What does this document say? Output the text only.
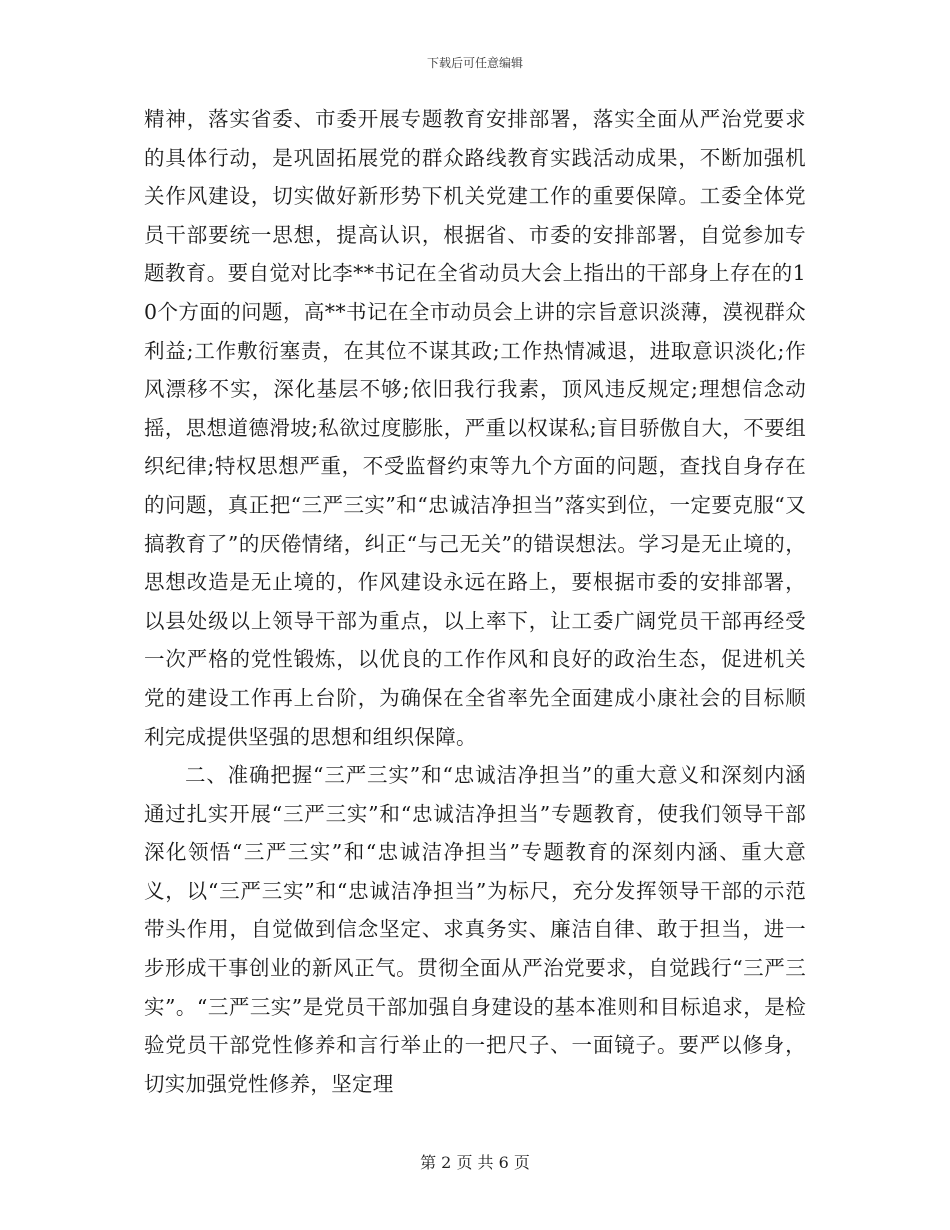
下载后可任意编辑

精神，落实省委、市委开展专题教育安排部署，落实全面从严治党要求的具体行动，是巩固拓展党的群众路线教育实践活动成果，不断加强机关作风建设，切实做好新形势下机关党建工作的重要保障。工委全体党员干部要统一思想，提高认识，根据省、市委的安排部署，自觉参加专题教育。要自觉对比李**书记在全省动员大会上指出的干部身上存在的10个方面的问题，高**书记在全市动员会上讲的宗旨意识淡薄，漠视群众利益;工作敷衍塞责，在其位不谋其政;工作热情减退，进取意识淡化;作风漂移不实，深化基层不够;依旧我行我素，顶风违反规定;理想信念动摇，思想道德滑坡;私欲过度膨胀，严重以权谋私;盲目骄傲自大，不要组织纪律;特权思想严重，不受监督约束等九个方面的问题，查找自身存在的问题，真正把“三严三实”和“忠诚洁净担当”落实到位，一定要克服“又搞教育了”的厌倦情绪，纠正“与己无关”的错误想法。学习是无止境的，思想改造是无止境的，作风建设永远在路上，要根据市委的安排部署，以县处级以上领导干部为重点，以上率下，让工委广阔党员干部再经受一次严格的党性锻炼，以优良的工作作风和良好的政治生态，促进机关党的建设工作再上台阶，为确保在全省率先全面建成小康社会的目标顺利完成提供坚强的思想和组织保障。

二、准确把握“三严三实”和“忠诚洁净担当”的重大意义和深刻内涵通过扎实开展“三严三实”和“忠诚洁净担当”专题教育，使我们领导干部深化领悟“三严三实”和“忠诚洁净担当”专题教育的深刻内涵、重大意义，以“三严三实”和“忠诚洁净担当”为标尺，充分发挥领导干部的示范带头作用，自觉做到信念坚定、求真务实、廉洁自律、敢于担当，进一步形成干事创业的新风正气。贯彻全面从严治党要求，自觉践行“三严三实”。“三严三实”是党员干部加强自身建设的基本准则和目标追求，是检验党员干部党性修养和言行举止的一把尺子、一面镜子。要严以修身，切实加强党性修养，坚定理

第 2 页 共 6 页
